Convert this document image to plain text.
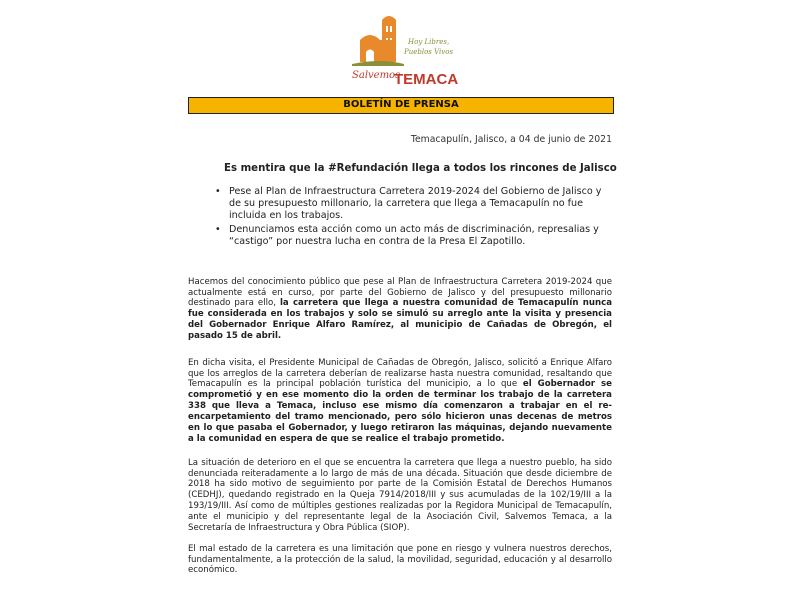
Hoy Libres,
Pueblos Vivos
Salvemos
TEMACA
BOLETÍN DE PRENSA
Temacapulín, Jalisco, a 04 de junio de 2021
Es mentira que la #Refundación llega a todos los rincones de Jalisco
• Pese al Plan de Infraestructura Carretera 2019-2024 del Gobierno de Jalisco y de su presupuesto millonario, la carretera que llega a Temacapulín no fue incluida en los trabajos.
• Denunciamos esta acción como un acto más de discriminación, represalias y “castigo” por nuestra lucha en contra de la Presa El Zapotillo.

Hacemos del conocimiento público que pese al Plan de Infraestructura Carretera 2019-2024 que actualmente está en curso, por parte del Gobierno de Jalisco y del presupuesto millonario destinado para ello, la carretera que llega a nuestra comunidad de Temacapulín nunca fue considerada en los trabajos y solo se simuló su arreglo ante la visita y presencia del Gobernador Enrique Alfaro Ramírez, al municipio de Cañadas de Obregón, el pasado 15 de abril.

En dicha visita, el Presidente Municipal de Cañadas de Obregón, Jalisco, solicitó a Enrique Alfaro que los arreglos de la carretera deberían de realizarse hasta nuestra comunidad, resaltando que Temacapulín es la principal población turística del municipio, a lo que el Gobernador se comprometió y en ese momento dio la orden de terminar los trabajo de la carretera 338 que lleva a Temaca, incluso ese mismo día comenzaron a trabajar en el re-encarpetamiento del tramo mencionado, pero sólo hicieron unas decenas de metros en lo que pasaba el Gobernador, y luego retiraron las máquinas, dejando nuevamente a la comunidad en espera de que se realice el trabajo prometido.

La situación de deterioro en el que se encuentra la carretera que llega a nuestro pueblo, ha sido denunciada reiteradamente a lo largo de más de una década. Situación que desde diciembre de 2018 ha sido motivo de seguimiento por parte de la Comisión Estatal de Derechos Humanos (CEDHJ), quedando registrado en la Queja 7914/2018/III y sus acumuladas de la 102/19/III a la 193/19/III. Así como de múltiples gestiones realizadas por la Regidora Municipal de Temacapulín, ante el municipio y del representante legal de la Asociación Civil, Salvemos Temaca, a la Secretaría de Infraestructura y Obra Pública (SIOP).

El mal estado de la carretera es una limitación que pone en riesgo y vulnera nuestros derechos, fundamentalmente, a la protección de la salud, la movilidad, seguridad, educación y al desarrollo económico.
